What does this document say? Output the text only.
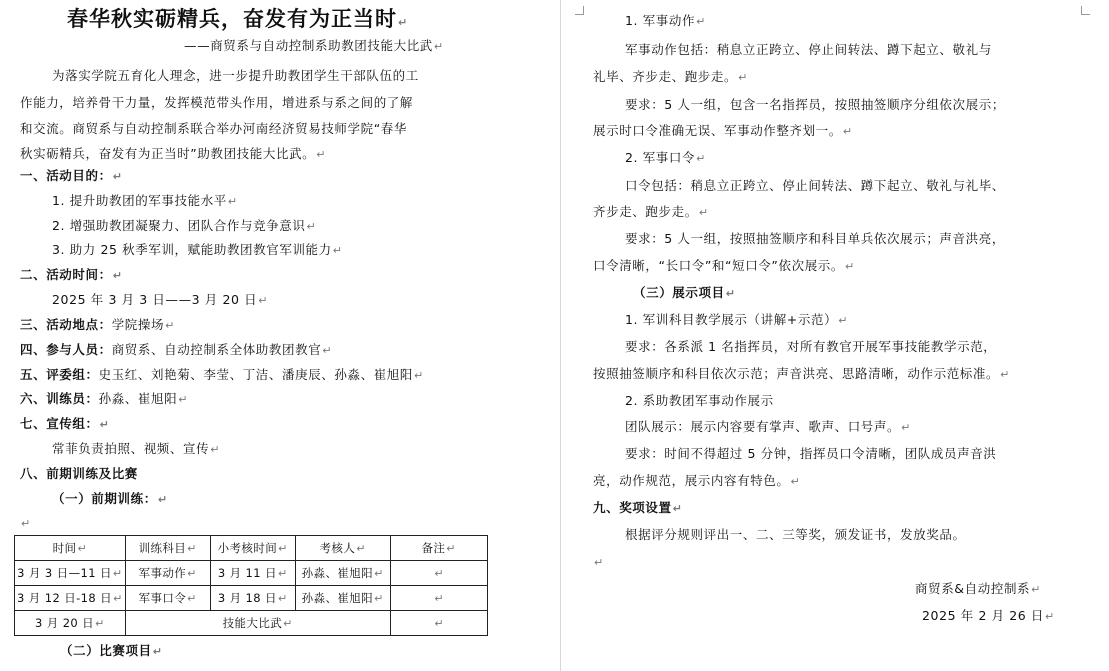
春华秋实砺精兵，奋发有为正当时↵
——商贸系与自动控制系助教团技能大比武↵
为落实学院五育化人理念，进一步提升助教团学生干部队伍的工
作能力，培养骨干力量，发挥模范带头作用，增进系与系之间的了解
和交流。商贸系与自动控制系联合举办河南经济贸易技师学院“春华
秋实砺精兵，奋发有为正当时”助教团技能大比武。↵
一、活动目的：↵
1. 提升助教团的军事技能水平↵
2. 增强助教团凝聚力、团队合作与竞争意识↵
3. 助力 25 秋季军训，赋能助教团教官军训能力↵
二、活动时间：↵
2025 年 3 月 3 日——3 月 20 日↵
三、活动地点：学院操场↵
四、参与人员：商贸系、自动控制系全体助教团教官↵
五、评委组：史玉红、刘艳菊、李莹、丁洁、潘庚辰、孙淼、崔旭阳↵
六、训练员：孙淼、崔旭阳↵
七、宣传组：↵
常菲负责拍照、视频、宣传↵
八、前期训练及比赛
（一）前期训练：↵
↵
时间↵	训练科目↵	小考核时间↵	考核人↵	备注↵
3 月 3 日—11 日↵	军事动作↵	3 月 11 日↵	孙淼、崔旭阳↵	↵
3 月 12 日-18 日↵	军事口令↵	3 月 18 日↵	孙淼、崔旭阳↵	↵
3 月 20 日↵	技能大比武↵			↵
（二）比赛项目↵
1. 军事动作↵
军事动作包括：稍息立正跨立、停止间转法、蹲下起立、敬礼与
礼毕、齐步走、跑步走。↵
要求：5 人一组，包含一名指挥员，按照抽签顺序分组依次展示；
展示时口令准确无误、军事动作整齐划一。↵
2. 军事口令↵
口令包括：稍息立正跨立、停止间转法、蹲下起立、敬礼与礼毕、
齐步走、跑步走。↵
要求：5 人一组，按照抽签顺序和科目单兵依次展示；声音洪亮，
口令清晰，“长口令”和“短口令”依次展示。↵
（三）展示项目↵
1. 军训科目教学展示（讲解+示范）↵
要求：各系派 1 名指挥员，对所有教官开展军事技能教学示范，
按照抽签顺序和科目依次示范；声音洪亮、思路清晰，动作示范标准。↵
2. 系助教团军事动作展示
团队展示：展示内容要有掌声、歌声、口号声。↵
要求：时间不得超过 5 分钟，指挥员口令清晰，团队成员声音洪
亮，动作规范，展示内容有特色。↵
九、奖项设置↵
根据评分规则评出一、二、三等奖，颁发证书，发放奖品。
↵
商贸系&自动控制系↵
2025 年 2 月 26 日↵
